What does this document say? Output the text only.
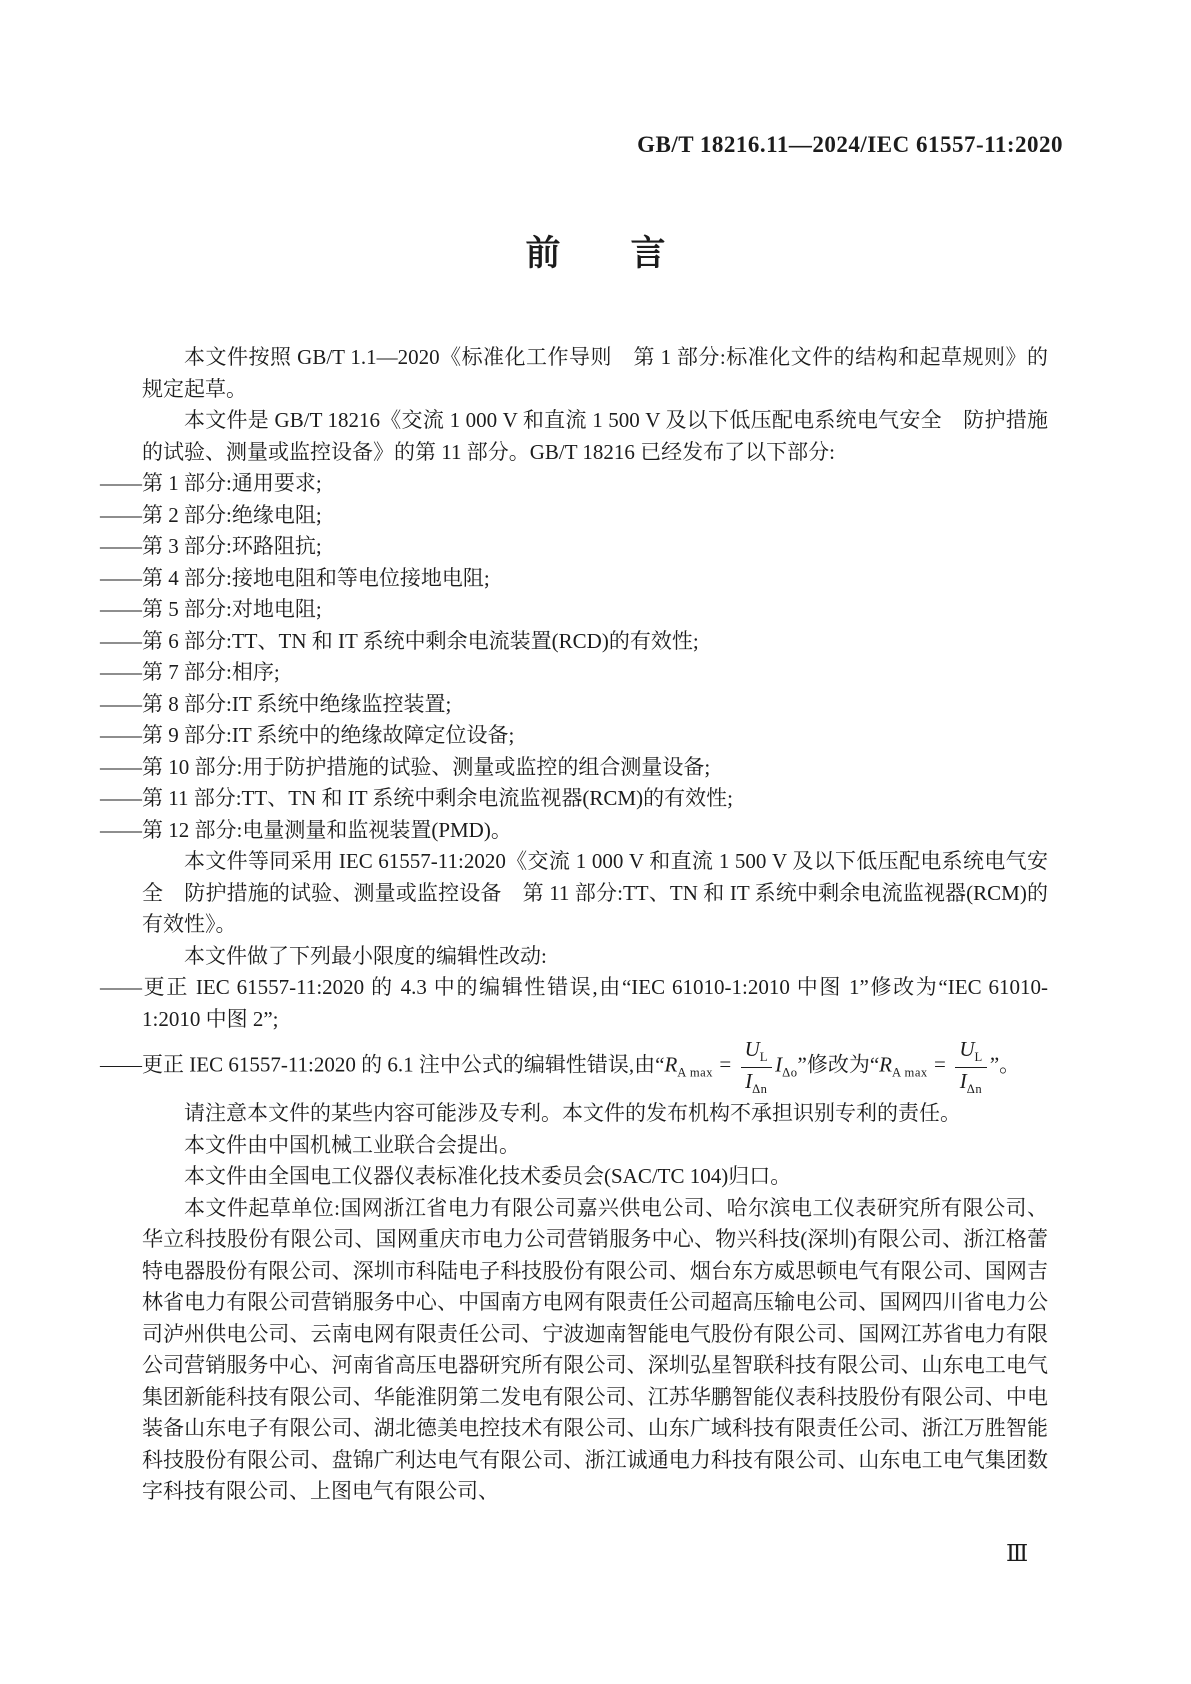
GB/T 18216.11—2024/IEC 61557-11:2020
前　　言

本文件按照 GB/T 1.1—2020《标准化工作导则　第 1 部分:标准化文件的结构和起草规则》的规定起草。

本文件是 GB/T 18216《交流 1 000 V 和直流 1 500 V 及以下低压配电系统电气安全　防护措施的试验、测量或监控设备》的第 11 部分。GB/T 18216 已经发布了以下部分:

——第 1 部分:通用要求;

——第 2 部分:绝缘电阻;

——第 3 部分:环路阻抗;

——第 4 部分:接地电阻和等电位接地电阻;

——第 5 部分:对地电阻;

——第 6 部分:TT、TN 和 IT 系统中剩余电流装置(RCD)的有效性;

——第 7 部分:相序;

——第 8 部分:IT 系统中绝缘监控装置;

——第 9 部分:IT 系统中的绝缘故障定位设备;

——第 10 部分:用于防护措施的试验、测量或监控的组合测量设备;

——第 11 部分:TT、TN 和 IT 系统中剩余电流监视器(RCM)的有效性;

——第 12 部分:电量测量和监视装置(PMD)。

本文件等同采用 IEC 61557-11:2020《交流 1 000 V 和直流 1 500 V 及以下低压配电系统电气安全　防护措施的试验、测量或监控设备　第 11 部分:TT、TN 和 IT 系统中剩余电流监视器(RCM)的有效性》。

本文件做了下列最小限度的编辑性改动:

——更正 IEC 61557-11:2020 的 4.3 中的编辑性错误,由“IEC 61010-1:2010 中图 1”修改为“IEC 61010-1:2010 中图 2”;

——更正 IEC 61557-11:2020 的 6.1 注中公式的编辑性错误,由“$R_{A max} = \frac{U_L}{I_{\Delta n}} I_{\Delta o}$”修改为“$R_{A max} = \frac{U_L}{I_{\Delta n}}$ ”。

请注意本文件的某些内容可能涉及专利。本文件的发布机构不承担识别专利的责任。

本文件由中国机械工业联合会提出。

本文件由全国电工仪器仪表标准化技术委员会(SAC/TC 104)归口。

本文件起草单位:国网浙江省电力有限公司嘉兴供电公司、哈尔滨电工仪表研究所有限公司、华立科技股份有限公司、国网重庆市电力公司营销服务中心、物兴科技(深圳)有限公司、浙江格蕾特电器股份有限公司、深圳市科陆电子科技股份有限公司、烟台东方威思顿电气有限公司、国网吉林省电力有限公司营销服务中心、中国南方电网有限责任公司超高压输电公司、国网四川省电力公司泸州供电公司、云南电网有限责任公司、宁波迦南智能电气股份有限公司、国网江苏省电力有限公司营销服务中心、河南省高压电器研究所有限公司、深圳弘星智联科技有限公司、山东电工电气集团新能科技有限公司、华能淮阴第二发电有限公司、江苏华鹏智能仪表科技股份有限公司、中电装备山东电子有限公司、湖北德美电控技术有限公司、山东广域科技有限责任公司、浙江万胜智能科技股份有限公司、盘锦广利达电气有限公司、浙江诚通电力科技有限公司、山东电工电气集团数字科技有限公司、上图电气有限公司、

Ⅲ
